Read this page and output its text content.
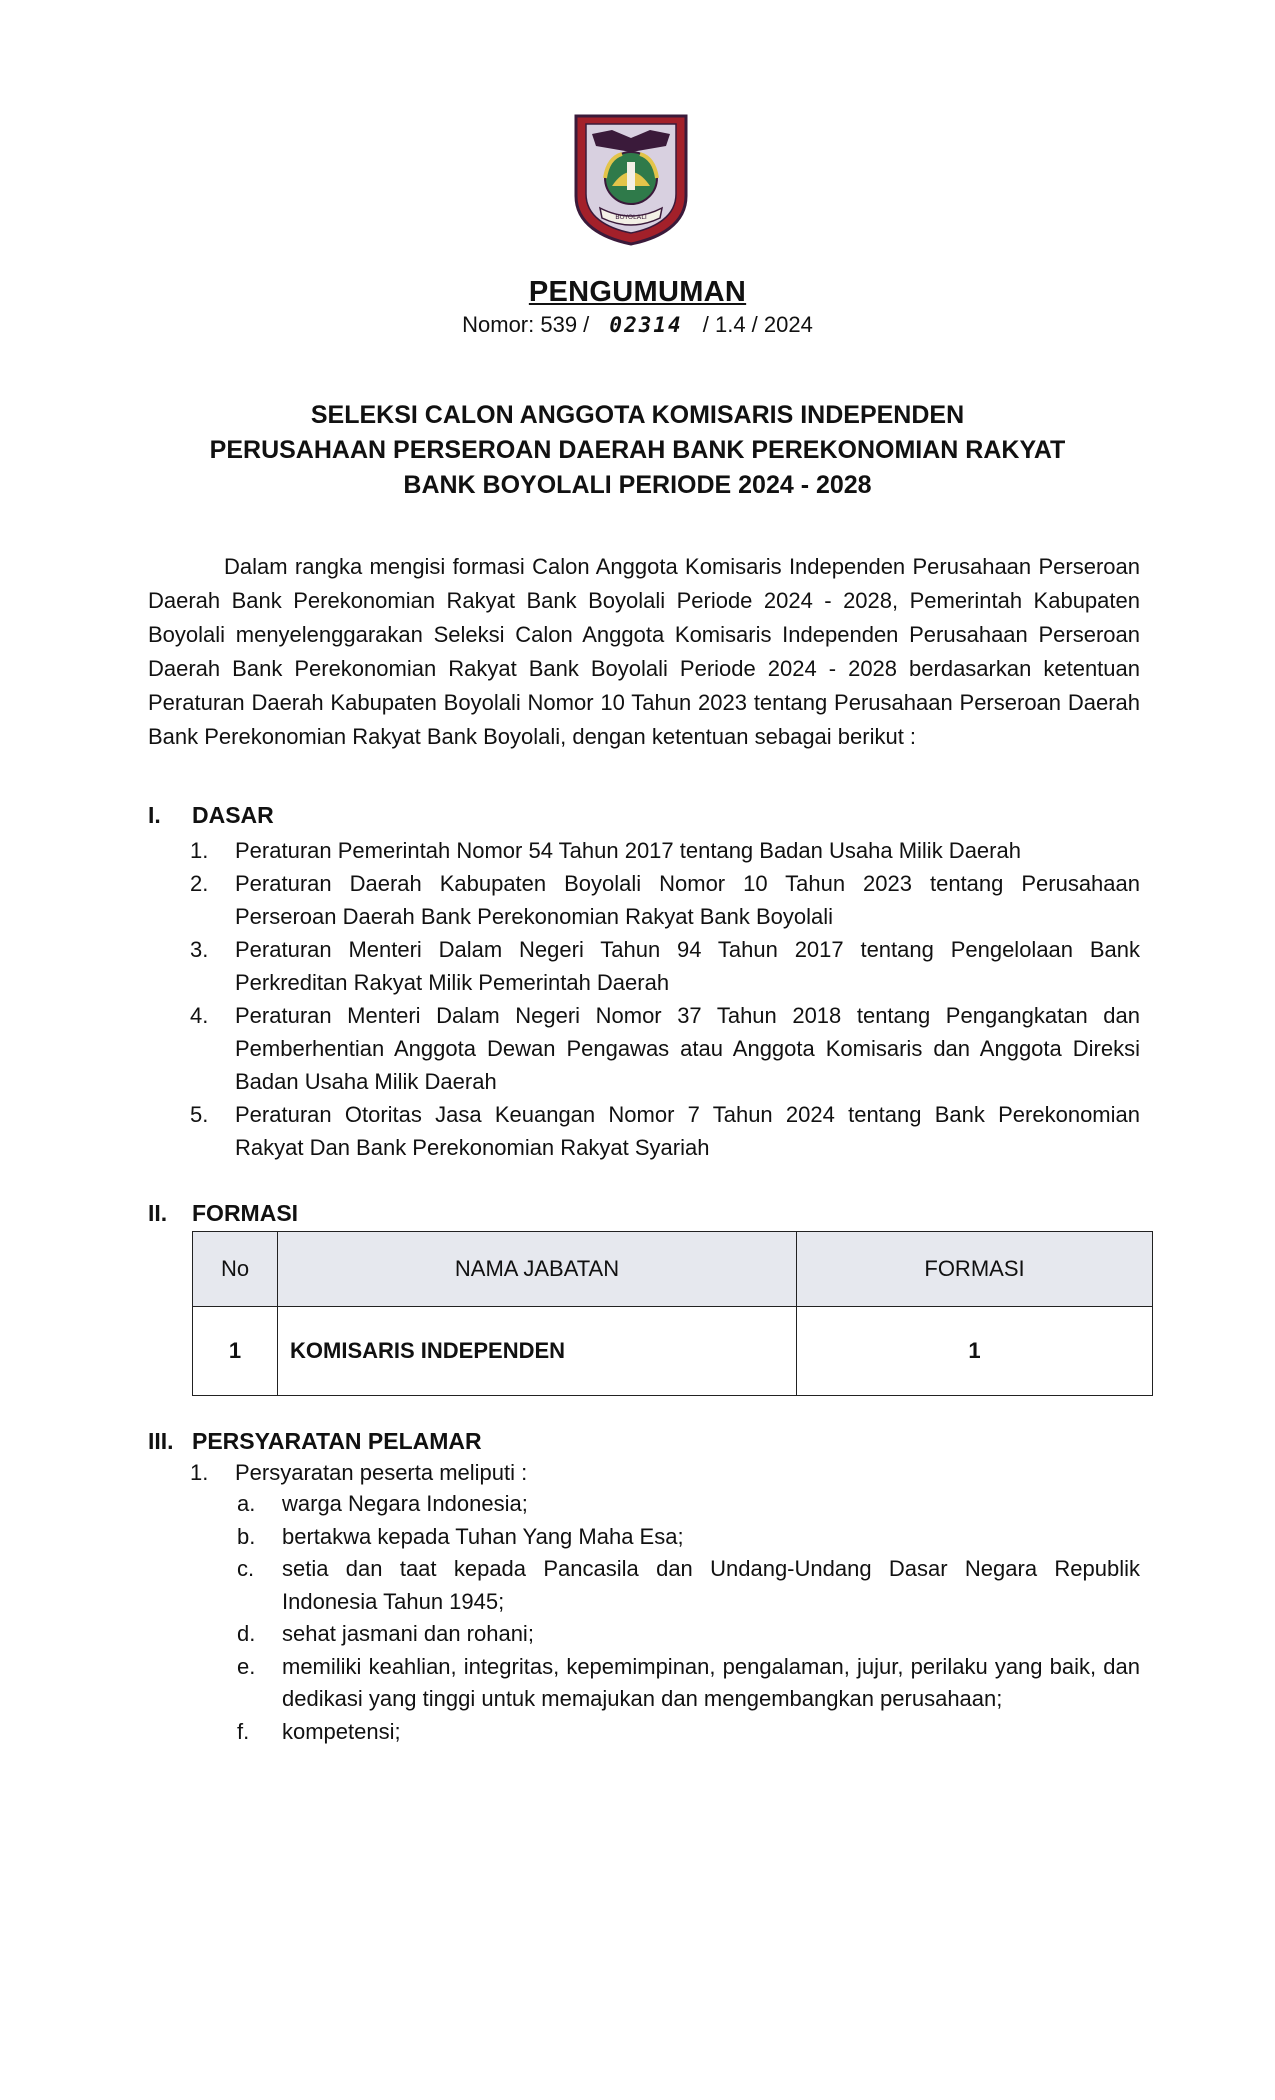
BOYOLALI
PENGUMUMAN
Nomor: 539 / 02314 / 1.4 / 2024
SELEKSI CALON ANGGOTA KOMISARIS INDEPENDEN
PERUSAHAAN PERSEROAN DAERAH BANK PEREKONOMIAN RAKYAT
BANK BOYOLALI PERIODE 2024 - 2028
Dalam rangka mengisi formasi Calon Anggota Komisaris Independen Perusahaan Perseroan Daerah Bank Perekonomian Rakyat Bank Boyolali Periode 2024 - 2028, Pemerintah Kabupaten Boyolali menyelenggarakan Seleksi Calon Anggota Komisaris Independen Perusahaan Perseroan Daerah Bank Perekonomian Rakyat Bank Boyolali Periode 2024 - 2028 berdasarkan ketentuan Peraturan Daerah Kabupaten Boyolali Nomor 10 Tahun 2023 tentang Perusahaan Perseroan Daerah Bank Perekonomian Rakyat Bank Boyolali, dengan ketentuan sebagai berikut :
I. DASAR
1.	Peraturan Pemerintah Nomor 54 Tahun 2017 tentang Badan Usaha Milik Daerah
2.	Peraturan Daerah Kabupaten Boyolali Nomor 10 Tahun 2023 tentang Perusahaan Perseroan Daerah Bank Perekonomian Rakyat Bank Boyolali
3.	Peraturan Menteri Dalam Negeri Tahun 94 Tahun 2017 tentang Pengelolaan Bank Perkreditan Rakyat Milik Pemerintah Daerah
4.	Peraturan Menteri Dalam Negeri Nomor 37 Tahun 2018 tentang Pengangkatan dan Pemberhentian Anggota Dewan Pengawas atau Anggota Komisaris dan Anggota Direksi Badan Usaha Milik Daerah
5.	Peraturan Otoritas Jasa Keuangan Nomor 7 Tahun 2024 tentang Bank Perekonomian Rakyat Dan Bank Perekonomian Rakyat Syariah
II. FORMASI
No	NAMA JABATAN	FORMASI
1	KOMISARIS INDEPENDEN	1
III. PERSYARATAN PELAMAR
1.	Persyaratan peserta meliputi :
a.	warga Negara Indonesia;
b.	bertakwa kepada Tuhan Yang Maha Esa;
c.	setia dan taat kepada Pancasila dan Undang-Undang Dasar Negara Republik Indonesia Tahun 1945;
d.	sehat jasmani dan rohani;
e.	memiliki keahlian, integritas, kepemimpinan, pengalaman, jujur, perilaku yang baik, dan dedikasi yang tinggi untuk memajukan dan mengembangkan perusahaan;
f.	kompetensi;
